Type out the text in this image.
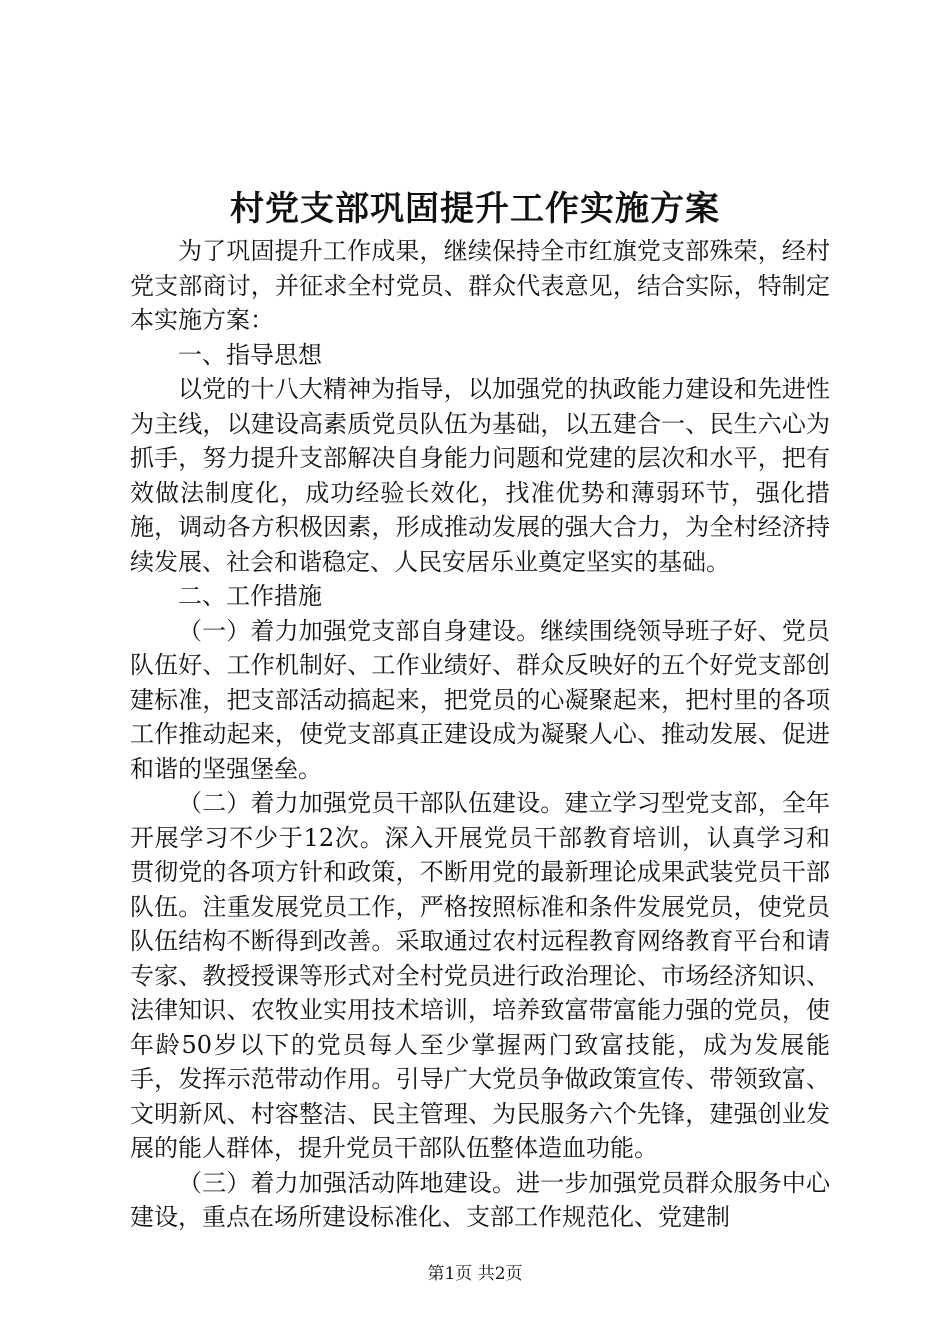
村党支部巩固提升工作实施方案

为了巩固提升工作成果，继续保持全市红旗党支部殊荣，经村党支部商讨，并征求全村党员、群众代表意见，结合实际，特制定本实施方案：

一、指导思想

以党的十八大精神为指导，以加强党的执政能力建设和先进性为主线，以建设高素质党员队伍为基础，以五建合一、民生六心为抓手，努力提升支部解决自身能力问题和党建的层次和水平，把有效做法制度化，成功经验长效化，找准优势和薄弱环节，强化措施，调动各方积极因素，形成推动发展的强大合力，为全村经济持续发展、社会和谐稳定、人民安居乐业奠定坚实的基础。

二、工作措施

（一）着力加强党支部自身建设。继续围绕领导班子好、党员队伍好、工作机制好、工作业绩好、群众反映好的五个好党支部创建标准，把支部活动搞起来，把党员的心凝聚起来，把村里的各项工作推动起来，使党支部真正建设成为凝聚人心、推动发展、促进和谐的坚强堡垒。

（二）着力加强党员干部队伍建设。建立学习型党支部，全年开展学习不少于12次。深入开展党员干部教育培训，认真学习和贯彻党的各项方针和政策，不断用党的最新理论成果武装党员干部队伍。注重发展党员工作，严格按照标准和条件发展党员，使党员队伍结构不断得到改善。采取通过农村远程教育网络教育平台和请专家、教授授课等形式对全村党员进行政治理论、市场经济知识、法律知识、农牧业实用技术培训，培养致富带富能力强的党员，使年龄50岁以下的党员每人至少掌握两门致富技能，成为发展能手，发挥示范带动作用。引导广大党员争做政策宣传、带领致富、文明新风、村容整洁、民主管理、为民服务六个先锋，建强创业发展的能人群体，提升党员干部队伍整体造血功能。

（三）着力加强活动阵地建设。进一步加强党员群众服务中心建设，重点在场所建设标准化、支部工作规范化、党建制

第1页 共2页
